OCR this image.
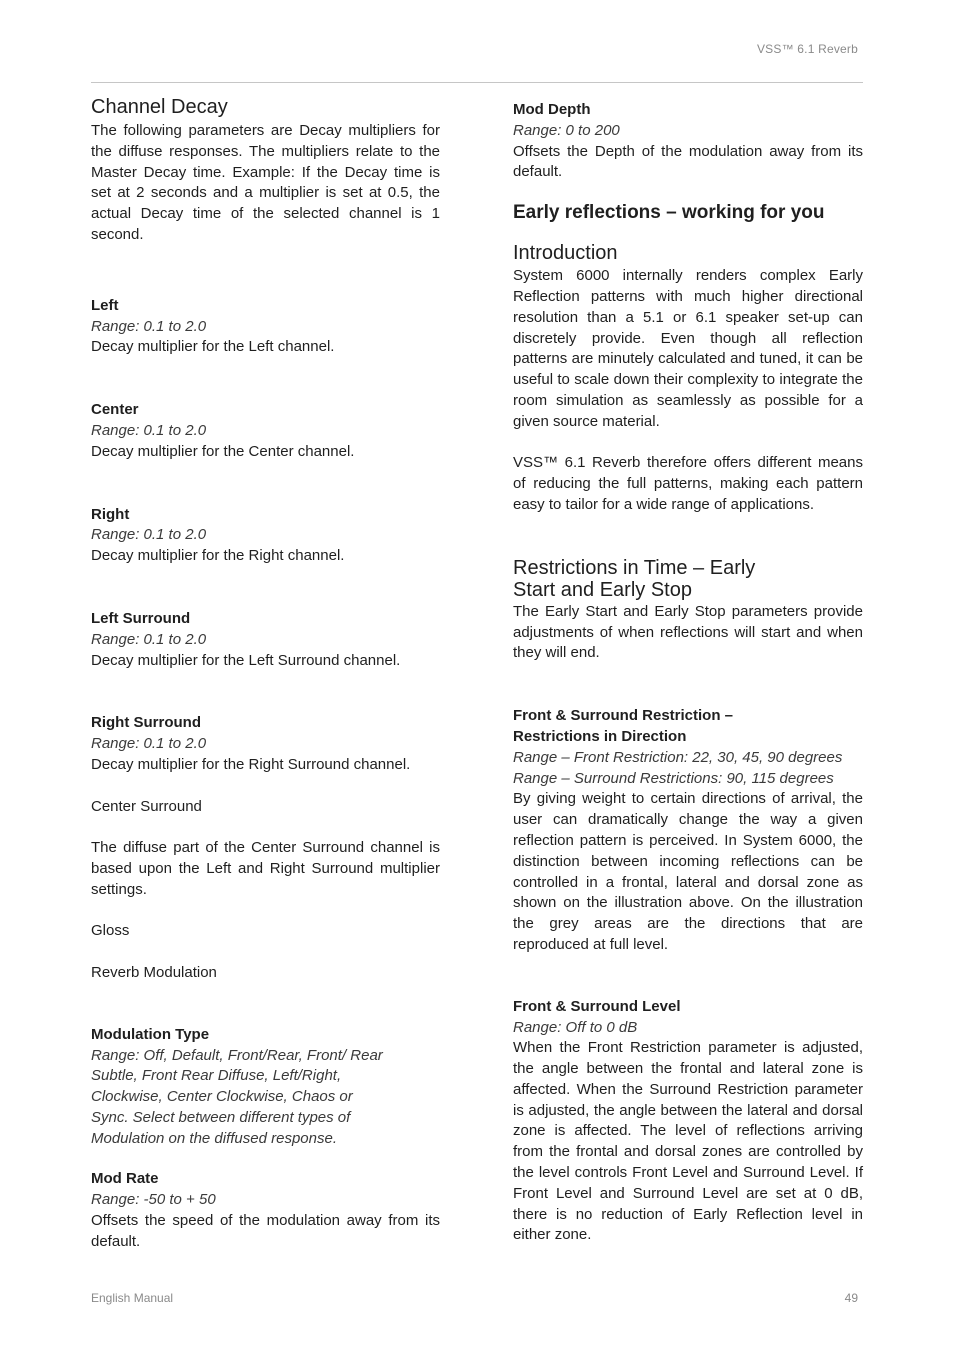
VSS™ 6.1 Reverb
Channel Decay

The following parameters are Decay multipliers for the diffuse responses. The multipliers relate to the Master Decay time. Example: If the Decay time is set at 2 seconds and a multiplier is set at 0.5, the actual Decay time of the selected channel is 1 second.

Left

Range: 0.1 to 2.0

Decay multiplier for the Left channel.

Center

Range: 0.1 to 2.0

Decay multiplier for the Center channel.

Right

Range: 0.1 to 2.0

Decay multiplier for the Right channel.

Left Surround

Range: 0.1 to 2.0

Decay multiplier for the Left Surround channel.

Right Surround

Range: 0.1 to 2.0

Decay multiplier for the Right Surround channel.

Center Surround

The diffuse part of the Center Surround channel is based upon the Left and Right Surround multiplier settings.

Gloss

Reverb Modulation

Modulation Type

Range: Off, Default, Front/Rear, Front/ Rear Subtle, Front Rear Diffuse, Left/Right, Clockwise, Center Clockwise, Chaos or Sync. Select between different types of Modulation on the diffused response.

Mod Rate

Range: -50 to + 50

Offsets the speed of the modulation away from its default.

Mod Depth

Range: 0 to 200

Offsets the Depth of the modulation away from its default.

Early reflections – working for you
Introduction

System 6000 internally renders complex Early Reflection patterns with much higher directional resolution than a 5.1 or 6.1 speaker set-up can discretely provide. Even though all reflection patterns are minutely calculated and tuned, it can be useful to scale down their complexity to integrate the room simulation as seamlessly as possible for a given source material.

VSS™ 6.1 Reverb therefore offers different means of reducing the full patterns, making each pattern easy to tailor for a wide range of applications.

Restrictions in Time – Early
Start and Early Stop

The Early Start and Early Stop parameters provide adjustments of when reflections will start and when they will end.

Front & Surround Restriction –

Restrictions in Direction

Range – Front Restriction: 22, 30, 45, 90 degrees

Range – Surround Restrictions: 90, 115 degrees

By giving weight to certain directions of arrival, the user can dramatically change the way a given reflection pattern is perceived. In System 6000, the distinction between incoming reflections can be controlled in a frontal, lateral and dorsal zone as shown on the illustration above. On the illustration the grey areas are the directions that are reproduced at full level.

Front & Surround Level

Range: Off to 0 dB

When the Front Restriction parameter is adjusted, the angle between the frontal and lateral zone is affected. When the Surround Restriction parameter is adjusted, the angle between the lateral and dorsal zone is affected. The level of reflections arriving from the frontal and dorsal zones are controlled by the level controls Front Level and Surround Level. If Front Level and Surround Level are set at 0 dB, there is no reduction of Early Reflection level in either zone.

English Manual	49
